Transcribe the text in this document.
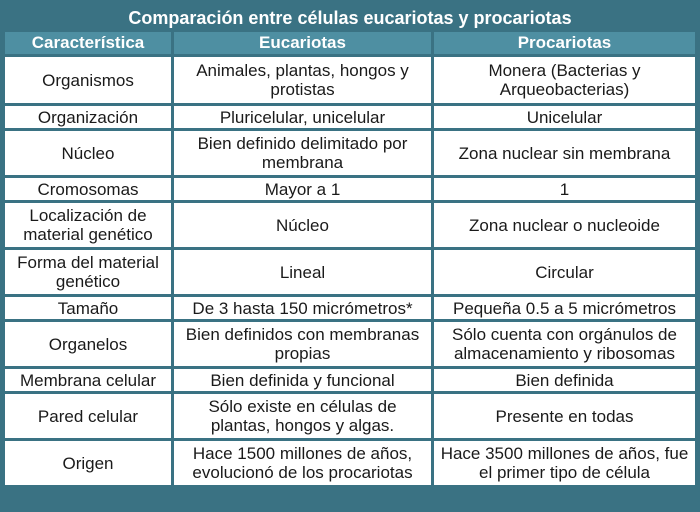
Comparación entre células eucariotas y procariotas
Característica	Eucariotas	Procariotas
Organismos	Animales, plantas, hongos y protistas	Monera (Bacterias y Arqueobacterias)
Organización	Pluricelular, unicelular	Unicelular
Núcleo	Bien definido delimitado por membrana	Zona nuclear sin membrana
Cromosomas	Mayor a 1	1
Localización de material genético	Núcleo	Zona nuclear o nucleoide
Forma del material genético	Lineal	Circular
Tamaño	De 3 hasta 150 micrómetros*	Pequeña 0.5 a 5 micrómetros
Organelos	Bien definidos con membranas propias	Sólo cuenta con orgánulos de almacenamiento y ribosomas
Membrana celular	Bien definida y funcional	Bien definida
Pared celular	Sólo existe en células de plantas, hongos y algas.	Presente en todas
Origen	Hace 1500 millones de años, evolucionó de los procariotas	Hace 3500 millones de años, fue el primer tipo de célula
